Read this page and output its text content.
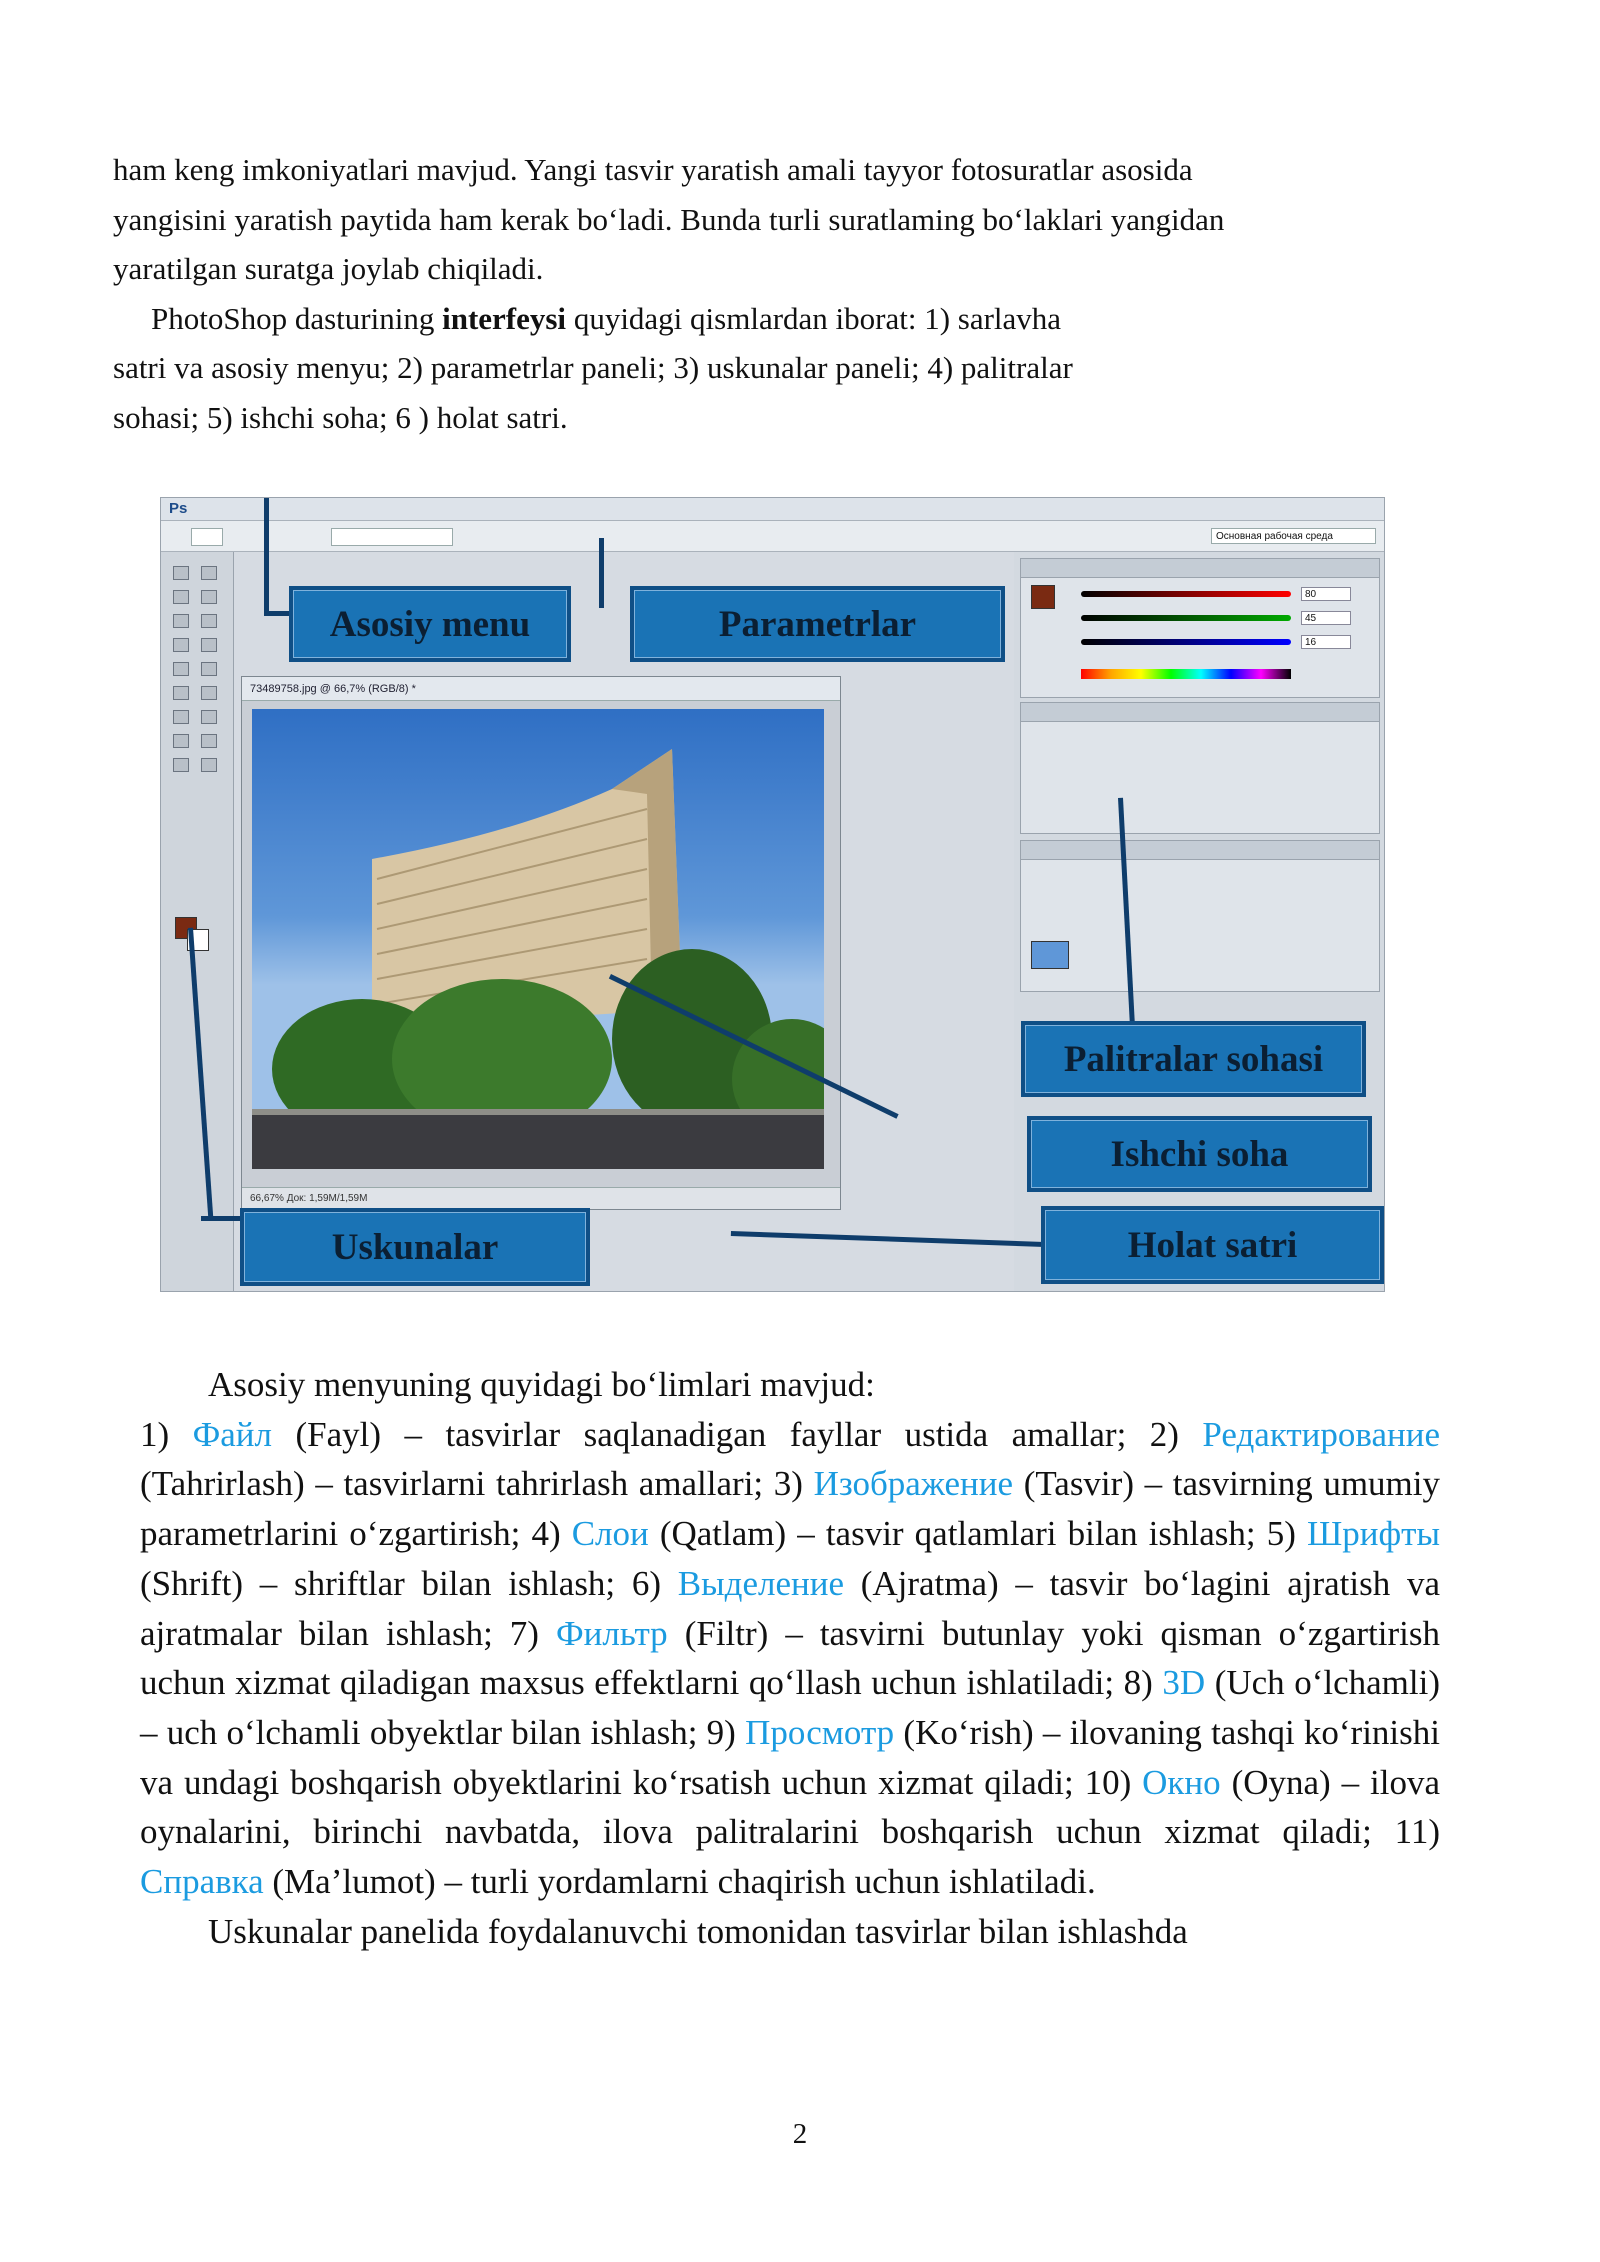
ham keng imkoniyatlari mavjud. Yangi tasvir yaratish amali tayyor fotosuratlar asosida

yangisini yaratish paytida ham kerak bo‘ladi. Bunda turli suratlaming bo‘laklari yangidan

yaratilgan suratga joylab chiqiladi.

PhotoShop dasturining interfeysi quyidagi qismlardan iborat: 1) sarlavha

satri va asosiy menyu; 2) parametrlar paneli; 3) uskunalar paneli; 4) palitralar

sohasi; 5) ishchi soha; 6 ) holat satri.

Ps
Основная рабочая среда
73489758.jpg @ 66,7% (RGB/8) *
66,67% Док: 1,59M/1,59M
80
45
16
Asosiy menu	Parametrlar
Palitralar sohasi
Ishchi soha
Uskunalar	Holat satri

Asosiy menyuning quyidagi bo‘limlari mavjud:

1) Файл (Fayl) – tasvirlar saqlanadigan fayllar ustida amallar; 2) Редактирование (Tahrirlash) – tasvirlarni tahrirlash amallari; 3) Изображение (Tasvir) – tasvirning umumiy parametrlarini o‘zgartirish; 4) Слои (Qatlam) – tasvir qatlamlari bilan ishlash; 5) Шрифты (Shrift) – shriftlar bilan ishlash; 6) Выделение (Ajratma) – tasvir bo‘lagini ajratish va ajratmalar bilan ishlash; 7) Фильтр (Filtr) – tasvirni butunlay yoki qisman o‘zgartirish uchun xizmat qiladigan maxsus effektlarni qo‘llash uchun ishlatiladi; 8) 3D (Uch o‘lchamli) – uch o‘lchamli obyektlar bilan ishlash; 9) Просмотр (Ko‘rish) – ilovaning tashqi ko‘rinishi va undagi boshqarish obyektlarini ko‘rsatish uchun xizmat qiladi; 10) Окно (Oyna) – ilova oynalarini, birinchi navbatda, ilova palitralarini boshqarish uchun xizmat qiladi; 11) Справка (Ma’lumot) – turli yordamlarni chaqirish uchun ishlatiladi.

Uskunalar panelida foydalanuvchi tomonidan tasvirlar bilan ishlashda

2
